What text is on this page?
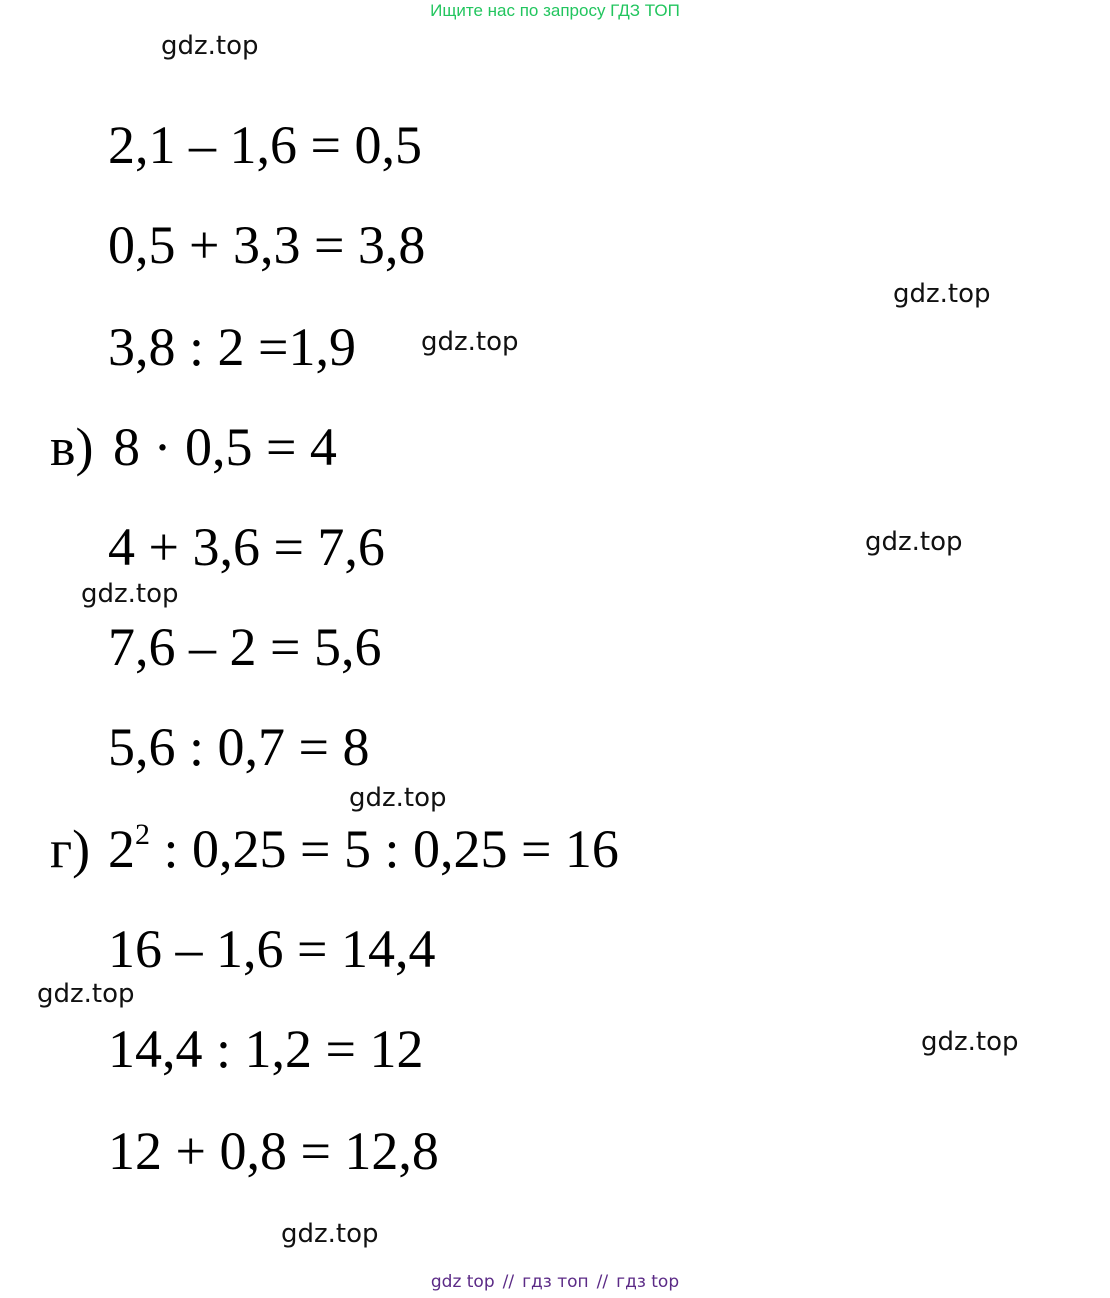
Ищите нас по запросу ГДЗ ТОП
gdz.top
gdz.top
gdz.top
gdz.top
gdz.top
gdz.top
gdz.top
gdz.top
gdz.top
2,1 – 1,6 = 0,5
0,5 + 3,3 = 3,8
3,8 : 2 =1,9
в) 8 · 0,5 = 4
4 + 3,6 = 7,6
7,6 – 2 = 5,6
5,6 : 0,7 = 8
г) $2^2$ : 0,25 = 5 : 0,25 = 16
16 – 1,6 = 14,4
14,4 : 1,2 = 12
12 + 0,8 = 12,8
gdz top // гдз топ // гдз top
